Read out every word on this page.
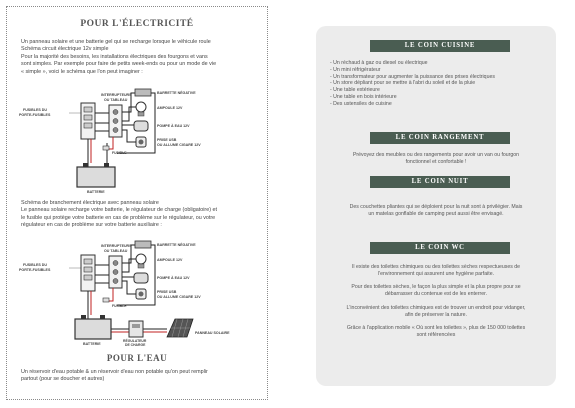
POUR L'ÉLECTRICITÉ
Un panneau solaire et une batterie gel qui se recharge lorsque le véhicule roule
Schéma circuit électrique 12v simple
Pour la majorité des besoins, les installations électriques des fourgons et vans
sont simples. Par exemple pour faire de petits week-ends ou pour un mode de vie
« simple », voici le schéma que l'on peut imaginer :
FUSIBLES DU
PORTE-FUSIBLES
INTERRUPTEURS
OU TABLEAU
BARRETTE NÉGATIVE
AMPOULE 12V
POMPE À EAU 12V
PRISE USB
OU ALLUME CIGARE 12V
FUSIBLE
BATTERIE
Schéma de branchement électrique avec panneau solaire
Le panneau solaire recharge votre batterie, le régulateur de charge (obligatoire) et
le fusible qui protège votre batterie en cas de problème sur le régulateur, ou votre
régulateur en cas de problème sur votre batterie auxiliaire :
FUSIBLES DU
PORTE-FUSIBLES
INTERRUPTEURS
OU TABLEAU
BARRETTE NÉGATIVE
AMPOULE 12V
POMPE À EAU 12V
PRISE USB
OU ALLUME CIGARE 12V
FUSIBLE
BATTERIE
RÉGULATEUR
DE CHARGE
PANNEAU SOLAIRE
POUR L'EAU
Un réservoir d'eau potable & un réservoir d'eau non potable qu'on peut remplir
partout (pour se doucher et autres)
LE COIN CUISINE
- Un réchaud à gaz ou diesel ou électrique
- Un mini réfrigérateur
- Un transformateur pour augmenter la puissance des prises électriques
- Un store dépliant pour se mettre à l'abri du soleil et de la pluie
- Une table extérieure
- Une table en bois intérieure
- Des ustensiles de cuisine
LE COIN RANGEMENT
Prévoyez des meubles ou des rangements pour avoir un van ou fourgon
fonctionnel et confortable !
LE COIN NUIT
Des couchettes pliantes qui se déploient pour la nuit sont à privilégier. Mais
un matelas gonflable de camping peut aussi être envisagé.
LE COIN WC
Il existe des toilettes chimiques ou des toilettes sèches respectueuses de
l'environnement qui assurent une hygiène parfaite.
Pour des toilettes sèches, le façon la plus simple et la plus propre pour se
débarrasser du contenue est de les enterrer.
L'inconvénient des toilettes chimiques est de trouver un endroit pour vidanger,
afin de préserver la nature.
Grâce à l'application mobile « Où sont les toilettes », plus de 150 000 toilettes
sont référencées
